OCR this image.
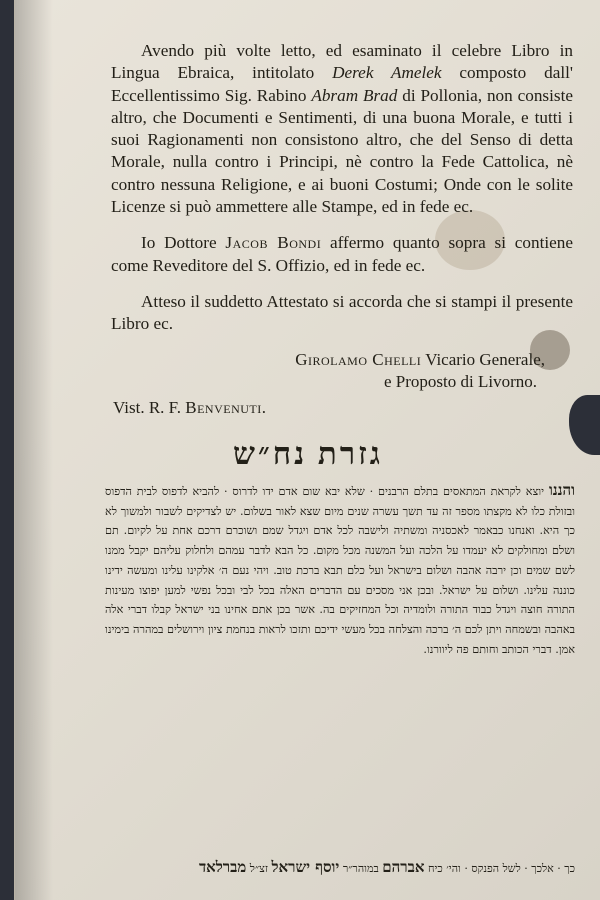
Avendo più volte letto, ed esaminato il celebre Libro in Lingua Ebraica, intitolato Derek Amelek composto dall' Eccellentissimo Sig. Rabino Abram Brad di Pollonia, non consiste altro, che Documenti e Sentimenti, di una buona Morale, e tutti i suoi Ragionamenti non consistono altro, che del Senso di detta Morale, nulla contro i Principi, nè contro la Fede Cattolica, nè contro nessuna Religione, e ai buoni Costumi; Onde con le solite Licenze si può ammettere alle Stampe, ed in fede ec.

Io Dottore Jacob Bondi affermo quanto sopra si contiene come Reveditore del S. Offizio, ed in fede ec.

Atteso il suddetto Attestato si accorda che si stampi il presente Libro ec.

Girolamo Chelli Vicario Generale,
e Proposto di Livorno.
Vist. R. F. Benvenuti.
גזרת נח״ש
והננו יוצא לקראת המתאסים בתלם הרבנים · שלא יבא שום אדם ידו לדרוס · להביא לדפוס לבית הדפוס ובזולת כלו לא מקצתו מספר זה עד תשך עשרה שנים מיום שצא לאור בשלום. יש לצדיקים לשבור ולמשוך לא כך היא. ואנחנו כבאמר לאכסניה ומשתיה ולישבה לכל אדם ויגדל שמם ושוכרם דרכם אחת על לקיום. תם ושלם ומחולקים לא יעמדו על הלכה ועל המשנה מכל מקום. כל הבא לדבר עמהם ולחלוק עליהם יקבל ממנו לשם שמים וכן ירבה אהבה ושלום בישראל ועל כלם תבא ברכת טוב. ויהי נעם ה׳ אלקינו עלינו ומעשה ידינו כוננה עלינו. ושלום על ישראל. ובכן אני מסכים עם הדברים האלה בכל לבי ובכל נפשי למען יפוצו מעינות התורה חוצה ויגדל כבוד התורה ולומדיה וכל המחזיקים בה. אשר בכן אתם אחינו בני ישראל קבלו דברי אלה באהבה ובשמחה ויתן לכם ה׳ ברכה והצלחה בכל מעשי ידיכם ותזכו לראות בנחמת ציון וירושלים במהרה בימינו אמן. דברי הכותב וחותם פה ליוורנו.
כך · אלכך · לשל הפנקס · והי׳ כיח אברהם במוהר״ר יוסף ישראל זצ״ל מברלאד
